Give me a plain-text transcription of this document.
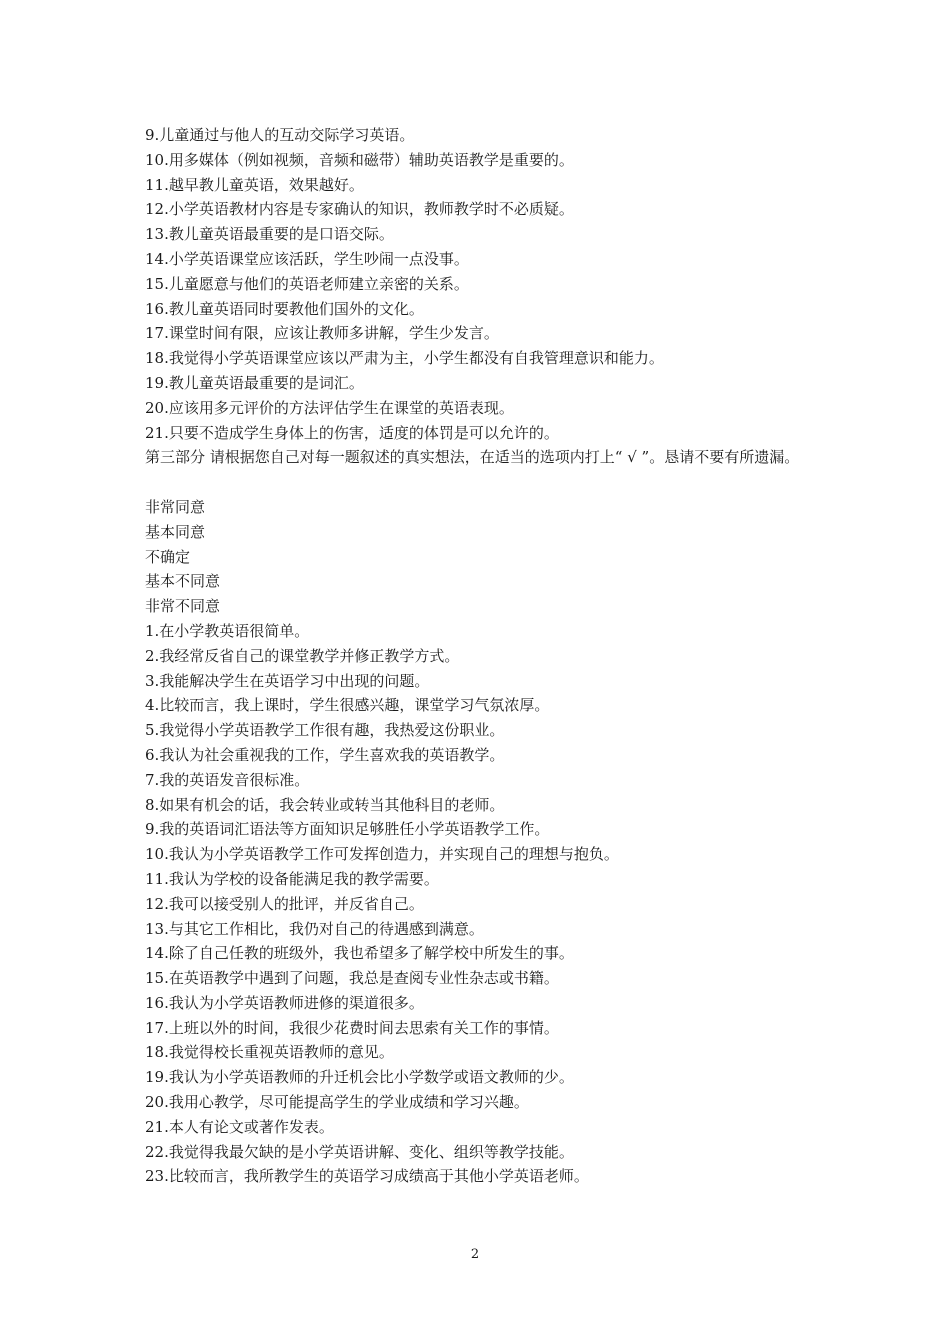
9.儿童通过与他人的互动交际学习英语。
10.用多媒体（例如视频，音频和磁带）辅助英语教学是重要的。
11.越早教儿童英语，效果越好。
12.小学英语教材内容是专家确认的知识，教师教学时不必质疑。
13.教儿童英语最重要的是口语交际。
14.小学英语课堂应该活跃，学生吵闹一点没事。
15.儿童愿意与他们的英语老师建立亲密的关系。
16.教儿童英语同时要教他们国外的文化。
17.课堂时间有限，应该让教师多讲解，学生少发言。
18.我觉得小学英语课堂应该以严肃为主，小学生都没有自我管理意识和能力。
19.教儿童英语最重要的是词汇。
20.应该用多元评价的方法评估学生在课堂的英语表现。
21.只要不造成学生身体上的伤害，适度的体罚是可以允许的。
第三部分 请根据您自己对每一题叙述的真实想法，在适当的选项内打上“ √ ”。恳请不要有所遗漏。
非常同意
基本同意
不确定
基本不同意
非常不同意
1.在小学教英语很简单。
2.我经常反省自己的课堂教学并修正教学方式。
3.我能解决学生在英语学习中出现的问题。
4.比较而言，我上课时，学生很感兴趣，课堂学习气氛浓厚。
5.我觉得小学英语教学工作很有趣，我热爱这份职业。
6.我认为社会重视我的工作，学生喜欢我的英语教学。
7.我的英语发音很标准。
8.如果有机会的话，我会转业或转当其他科目的老师。
9.我的英语词汇语法等方面知识足够胜任小学英语教学工作。
10.我认为小学英语教学工作可发挥创造力，并实现自己的理想与抱负。
11.我认为学校的设备能满足我的教学需要。
12.我可以接受别人的批评，并反省自己。
13.与其它工作相比，我仍对自己的待遇感到满意。
14.除了自己任教的班级外，我也希望多了解学校中所发生的事。
15.在英语教学中遇到了问题，我总是查阅专业性杂志或书籍。
16.我认为小学英语教师进修的渠道很多。
17.上班以外的时间，我很少花费时间去思索有关工作的事情。
18.我觉得校长重视英语教师的意见。
19.我认为小学英语教师的升迁机会比小学数学或语文教师的少。
20.我用心教学，尽可能提高学生的学业成绩和学习兴趣。
21.本人有论文或著作发表。
22.我觉得我最欠缺的是小学英语讲解、变化、组织等教学技能。
23.比较而言，我所教学生的英语学习成绩高于其他小学英语老师。
2
